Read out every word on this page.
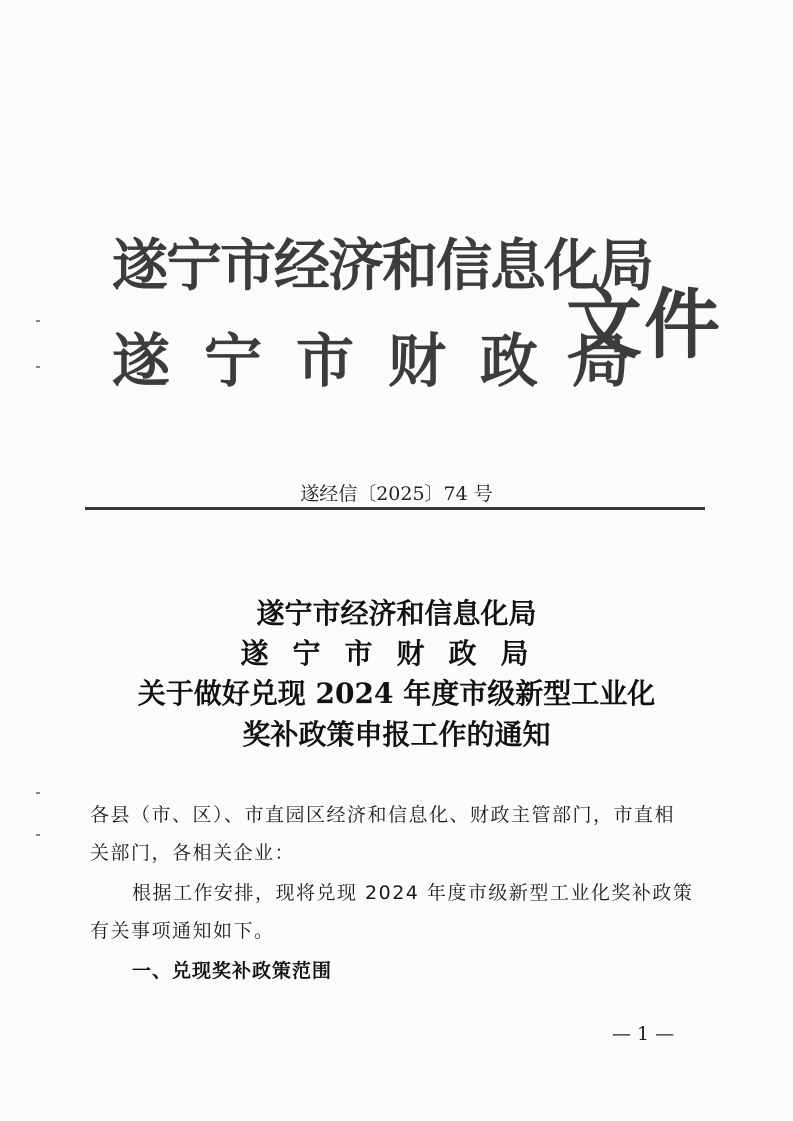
遂宁市经济和信息化局
遂宁市财政局
文件
遂经信〔2025〕74 号
遂宁市经济和信息化局
遂宁市财政局
关于做好兑现 2024 年度市级新型工业化
奖补政策申报工作的通知
各县（市、区）、市直园区经济和信息化、财政主管部门，市直相
关部门，各相关企业：
根据工作安排，现将兑现 2024 年度市级新型工业化奖补政策
有关事项通知如下。
一、兑现奖补政策范围
— 1 —
